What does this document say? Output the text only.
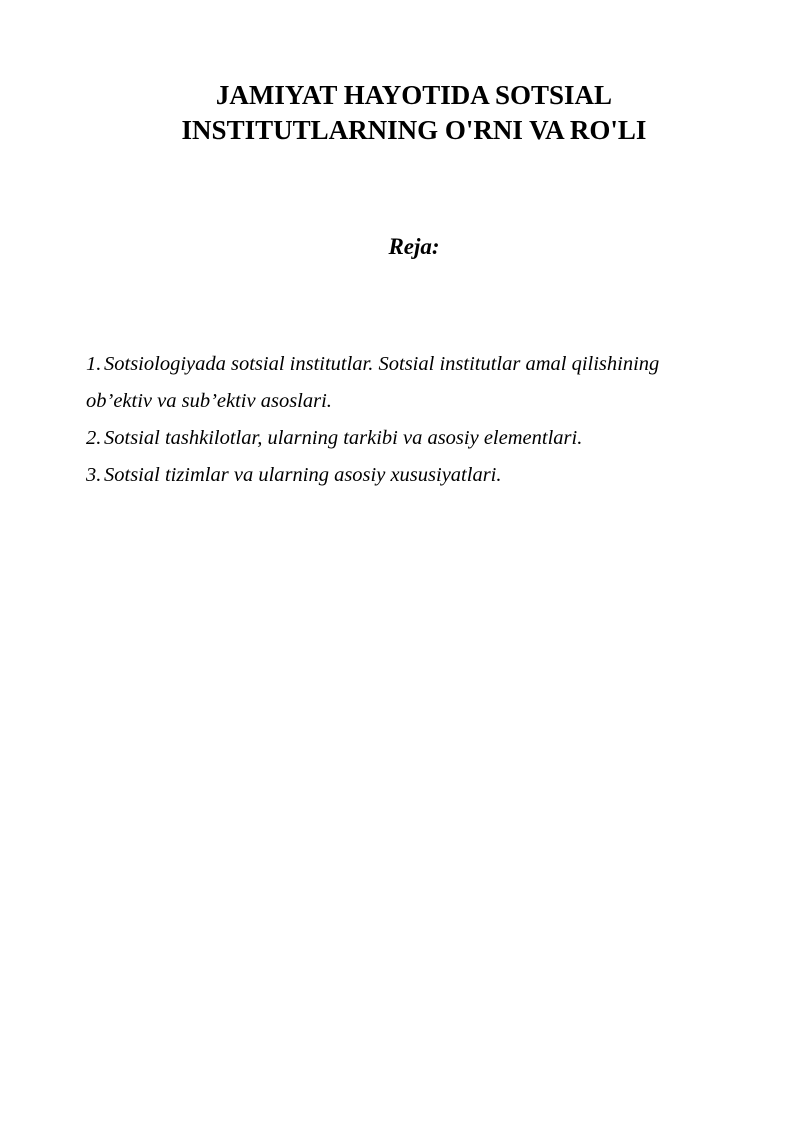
JAMIYAT HAYOTIDA SOTSIAL
INSTITUTLARNING O'RNI VA RO'LI
Reja:
1. Sotsiologiyada sotsial institutlar. Sotsial institutlar amal qilishining
ob’ektiv va sub’ektiv asoslari.
2. Sotsial tashkilotlar, ularning tarkibi va asosiy elementlari.
3. Sotsial tizimlar va ularning asosiy xususiyatlari.
